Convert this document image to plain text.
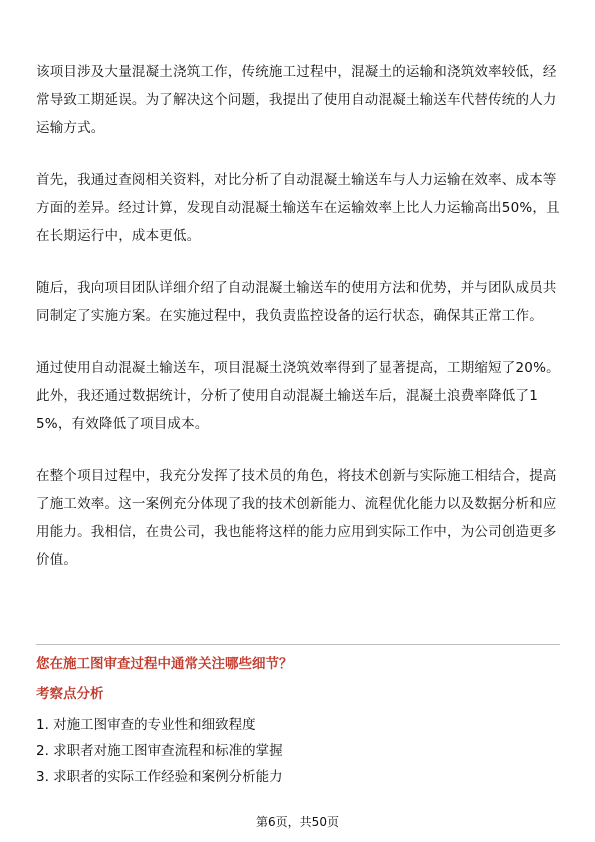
该项目涉及大量混凝土浇筑工作，传统施工过程中，混凝土的运输和浇筑效率较低，经常导致工期延误。为了解决这个问题，我提出了使用自动混凝土输送车代替传统的人力运输方式。

首先，我通过查阅相关资料，对比分析了自动混凝土输送车与人力运输在效率、成本等方面的差异。经过计算，发现自动混凝土输送车在运输效率上比人力运输高出50%，且在长期运行中，成本更低。

随后，我向项目团队详细介绍了自动混凝土输送车的使用方法和优势，并与团队成员共同制定了实施方案。在实施过程中，我负责监控设备的运行状态，确保其正常工作。

通过使用自动混凝土输送车，项目混凝土浇筑效率得到了显著提高，工期缩短了20%。此外，我还通过数据统计，分析了使用自动混凝土输送车后，混凝土浪费率降低了15%，有效降低了项目成本。

在整个项目过程中，我充分发挥了技术员的角色，将技术创新与实际施工相结合，提高了施工效率。这一案例充分体现了我的技术创新能力、流程优化能力以及数据分析和应用能力。我相信，在贵公司，我也能将这样的能力应用到实际工作中，为公司创造更多价值。

您在施工图审查过程中通常关注哪些细节？
考察点分析
1. 对施工图审查的专业性和细致程度
2. 求职者对施工图审查流程和标准的掌握
3. 求职者的实际工作经验和案例分析能力
第6页，共50页
